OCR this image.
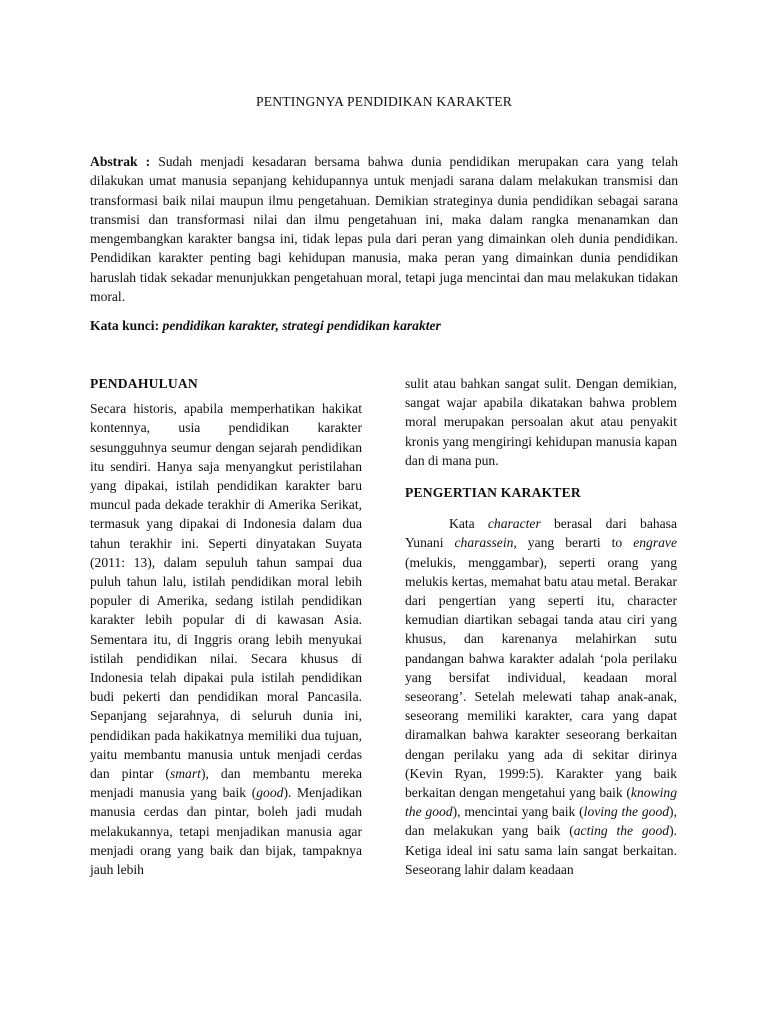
PENTINGNYA PENDIDIKAN KARAKTER
Abstrak : Sudah menjadi kesadaran bersama bahwa dunia pendidikan merupakan cara yang telah dilakukan umat manusia sepanjang kehidupannya untuk menjadi sarana dalam melakukan transmisi dan transformasi baik nilai maupun ilmu pengetahuan. Demikian strateginya dunia pendidikan sebagai sarana transmisi dan transformasi nilai dan ilmu pengetahuan ini, maka dalam rangka menanamkan dan mengembangkan karakter bangsa ini, tidak lepas pula dari peran yang dimainkan oleh dunia pendidikan. Pendidikan karakter penting bagi kehidupan manusia, maka peran yang dimainkan dunia pendidikan haruslah tidak sekadar menunjukkan pengetahuan moral, tetapi juga mencintai dan mau melakukan tidakan moral.
Kata kunci: pendidikan karakter, strategi pendidikan karakter
PENDAHULUAN

Secara historis, apabila memperhatikan hakikat kontennya, usia pendidikan karakter sesungguhnya seumur dengan sejarah pendidikan itu sendiri. Hanya saja menyangkut peristilahan yang dipakai, istilah pendidikan karakter baru muncul pada dekade terakhir di Amerika Serikat, termasuk yang dipakai di Indonesia dalam dua tahun terakhir ini. Seperti dinyatakan Suyata (2011: 13), dalam sepuluh tahun sampai dua puluh tahun lalu, istilah pendidikan moral lebih populer di Amerika, sedang istilah pendidikan karakter lebih popular di di kawasan Asia. Sementara itu, di Inggris orang lebih menyukai istilah pendidikan nilai. Secara khusus di Indonesia telah dipakai pula istilah pendidikan budi pekerti dan pendidikan moral Pancasila. Sepanjang sejarahnya, di seluruh dunia ini, pendidikan pada hakikatnya memiliki dua tujuan, yaitu membantu manusia untuk menjadi cerdas dan pintar (smart), dan membantu mereka menjadi manusia yang baik (good). Menjadikan manusia cerdas dan pintar, boleh jadi mudah melakukannya, tetapi menjadikan manusia agar menjadi orang yang baik dan bijak, tampaknya jauh lebih

sulit atau bahkan sangat sulit. Dengan demikian, sangat wajar apabila dikatakan bahwa problem moral merupakan persoalan akut atau penyakit kronis yang mengiringi kehidupan manusia kapan dan di mana pun.

PENGERTIAN KARAKTER

Kata character berasal dari bahasa Yunani charassein, yang berarti to engrave (melukis, menggambar), seperti orang yang melukis kertas, memahat batu atau metal. Berakar dari pengertian yang seperti itu, character kemudian diartikan sebagai tanda atau ciri yang khusus, dan karenanya melahirkan sutu pandangan bahwa karakter adalah ‘pola perilaku yang bersifat individual, keadaan moral seseorang’. Setelah melewati tahap anak-anak, seseorang memiliki karakter, cara yang dapat diramalkan bahwa karakter seseorang berkaitan dengan perilaku yang ada di sekitar dirinya (Kevin Ryan, 1999:5). Karakter yang baik berkaitan dengan mengetahui yang baik (knowing the good), mencintai yang baik (loving the good), dan melakukan yang baik (acting the good). Ketiga ideal ini satu sama lain sangat berkaitan. Seseorang lahir dalam keadaan
